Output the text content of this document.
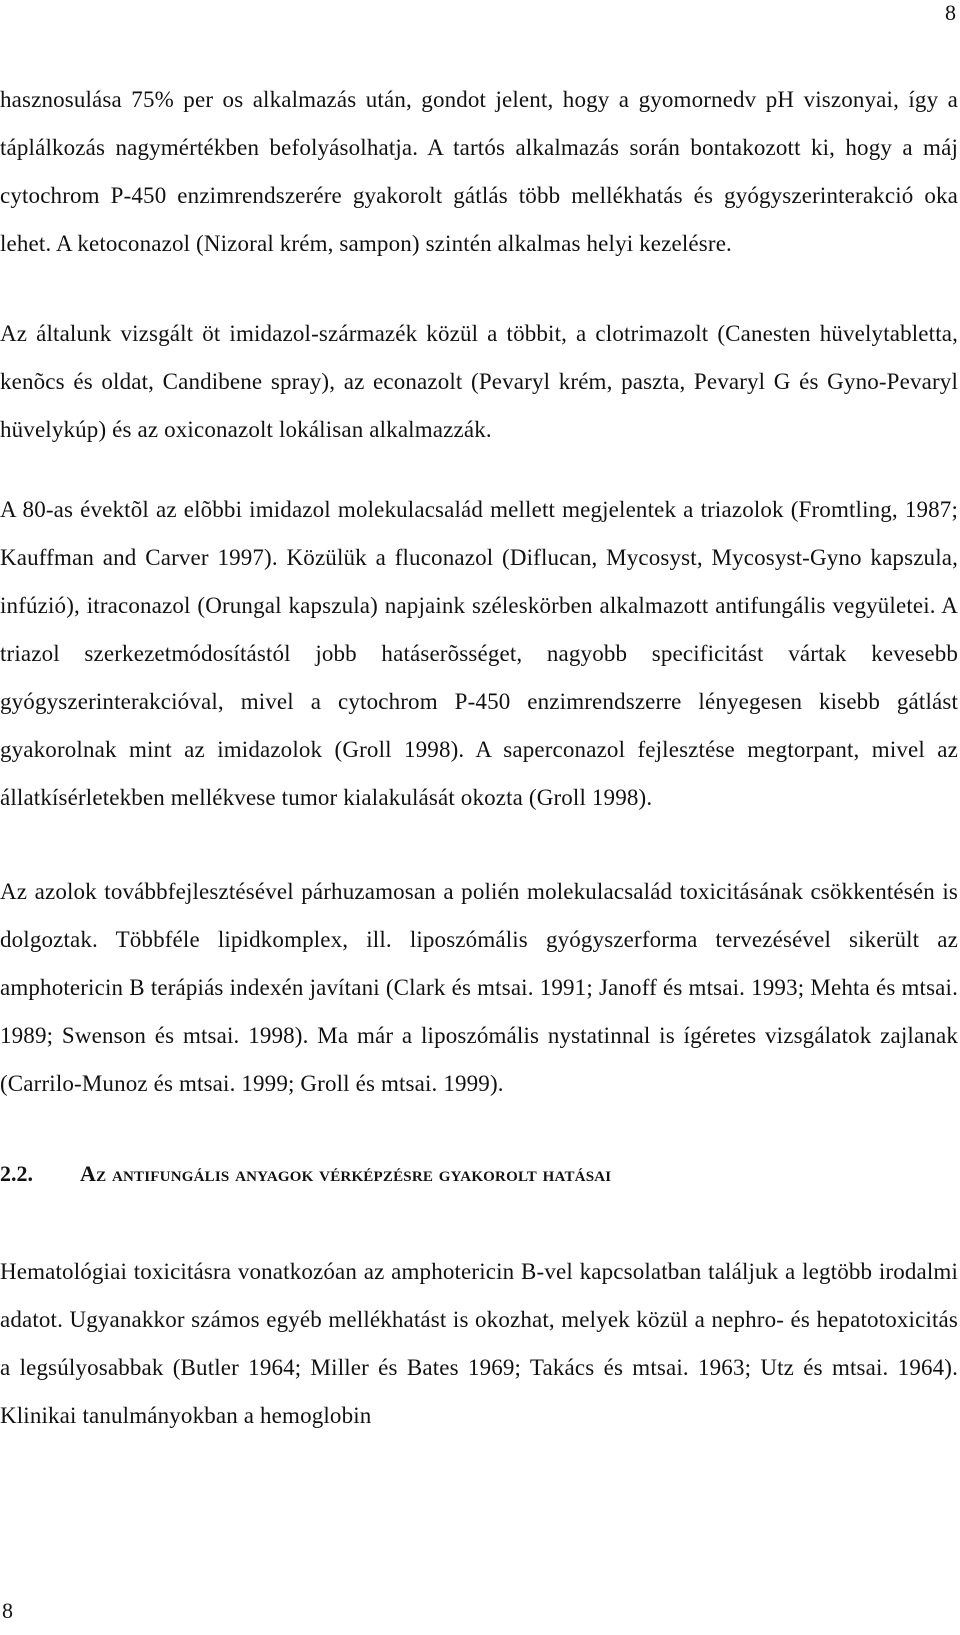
8

hasznosulása 75% per os alkalmazás után, gondot jelent, hogy a gyomornedv pH viszonyai, így a táplálkozás nagymértékben befolyásolhatja. A tartós alkalmazás során bontakozott ki, hogy a máj cytochrom P-450 enzimrendszerére gyakorolt gátlás több mellékhatás és gyógyszerinterakció oka lehet. A ketoconazol (Nizoral krém, sampon) szintén alkalmas helyi kezelésre.

Az általunk vizsgált öt imidazol-származék közül a többit, a clotrimazolt (Canesten hüvelytabletta, kenõcs és oldat, Candibene spray), az econazolt (Pevaryl krém, paszta, Pevaryl G és Gyno-Pevaryl hüvelykúp) és az oxiconazolt lokálisan alkalmazzák.

A 80-as évektõl az elõbbi imidazol molekulacsalád mellett megjelentek a triazolok (Fromtling, 1987; Kauffman and Carver 1997). Közülük a fluconazol (Diflucan, Mycosyst, Mycosyst-Gyno kapszula, infúzió), itraconazol (Orungal kapszula) napjaink széleskörben alkalmazott antifungális vegyületei. A triazol szerkezetmódosítástól jobb hatáserõsséget, nagyobb specificitást vártak kevesebb gyógyszerinterakcióval, mivel a cytochrom P-450 enzimrendszerre lényegesen kisebb gátlást gyakorolnak mint az imidazolok (Groll 1998). A saperconazol fejlesztése megtorpant, mivel az állatkísérletekben mellékvese tumor kialakulását okozta (Groll 1998).

Az azolok továbbfejlesztésével párhuzamosan a polién molekulacsalád toxicitásának csökkentésén is dolgoztak. Többféle lipidkomplex, ill. liposzómális gyógyszerforma tervezésével sikerült az amphotericin B terápiás indexén javítani (Clark és mtsai. 1991; Janoff és mtsai. 1993; Mehta és mtsai. 1989; Swenson és mtsai. 1998). Ma már a liposzómális nystatinnal is ígéretes vizsgálatok zajlanak (Carrilo-Munoz és mtsai. 1999; Groll és mtsai. 1999).

2.2. Az antifungális anyagok vérképzésre gyakorolt hatásai

Hematológiai toxicitásra vonatkozóan az amphotericin B-vel kapcsolatban találjuk a legtöbb irodalmi adatot. Ugyanakkor számos egyéb mellékhatást is okozhat, melyek közül a nephro- és hepatotoxicitás a legsúlyosabbak (Butler 1964; Miller és Bates 1969; Takács és mtsai. 1963; Utz és mtsai. 1964). Klinikai tanulmányokban a hemoglobin

8
